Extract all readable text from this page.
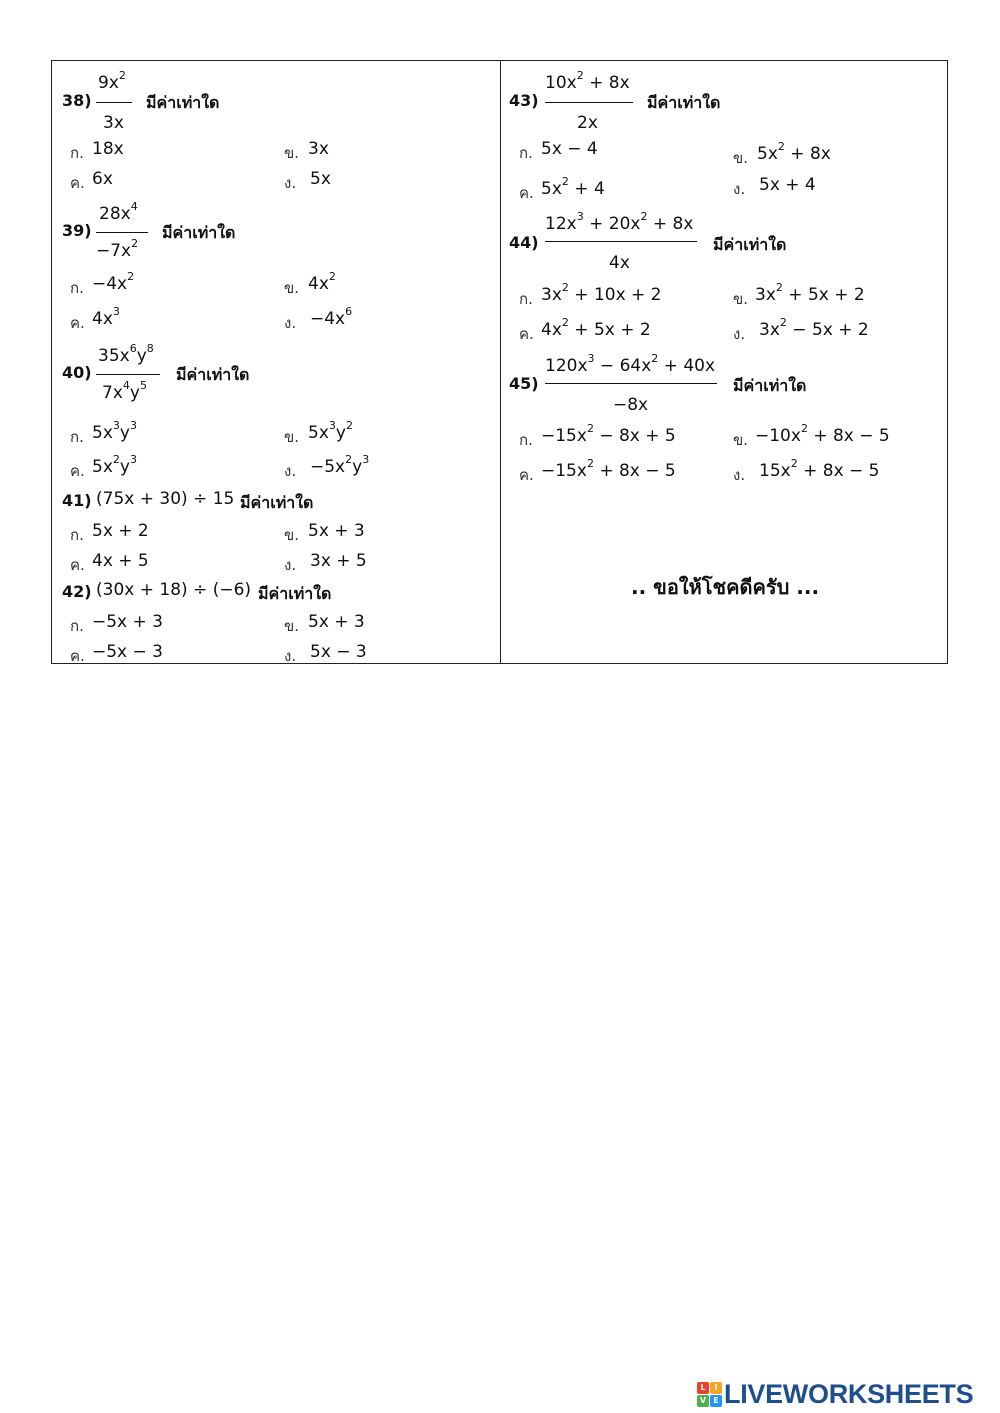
38)
$9x^2$
3x
มีค่าเท่าใด
ก. 18x	ข. 3x
ค. 6x	ง. 5x
39)
$28x^4$
$-7x^2$
มีค่าเท่าใด
ก. $-4x^2$
ข. $4x^2$
ค. $4x^3$
ง. $-4x^6$
40)
$35x^6y^8$
$7x^4y^5$
มีค่าเท่าใด
ก. $5x^3y^3$
ข. $5x^3y^2$
ค. $5x^2y^3$
ง. $-5x^2y^3$
41) (75x + 30) ÷ 15 มีค่าเท่าใด
ก. 5x + 2	ข. 5x + 3
ค. 4x + 5	ง. 3x + 5
42) (30x + 18) ÷ (−6) มีค่าเท่าใด
ก. −5x + 3	ข. 5x + 3
ค. −5x − 3	ง. 5x − 3
43)
$10x^2 + 8x$
2x
มีค่าเท่าใด
ก. 5x − 4	ข. $5x^2 + 8x$
ค. $5x^2 + 4$	ง. 5x + 4
44)
$12x^3 + 20x^2 + 8x$
4x
มีค่าเท่าใด
ก. $3x^2 + 10x + 2$	ข. $3x^2 + 5x + 2$
ค. $4x^2 + 5x + 2$	ง. $3x^2 - 5x + 2$
45)
$120x^3 - 64x^2 + 40x$
−8x
มีค่าเท่าใด
ก. $-15x^2 - 8x + 5$	ข. $-10x^2 + 8x - 5$
ค. $-15x^2 + 8x - 5$	ง. $15x^2 + 8x - 5$
.. ขอให้โชคดีครับ ...
L	I
V E LIVEWORKSHEETS
